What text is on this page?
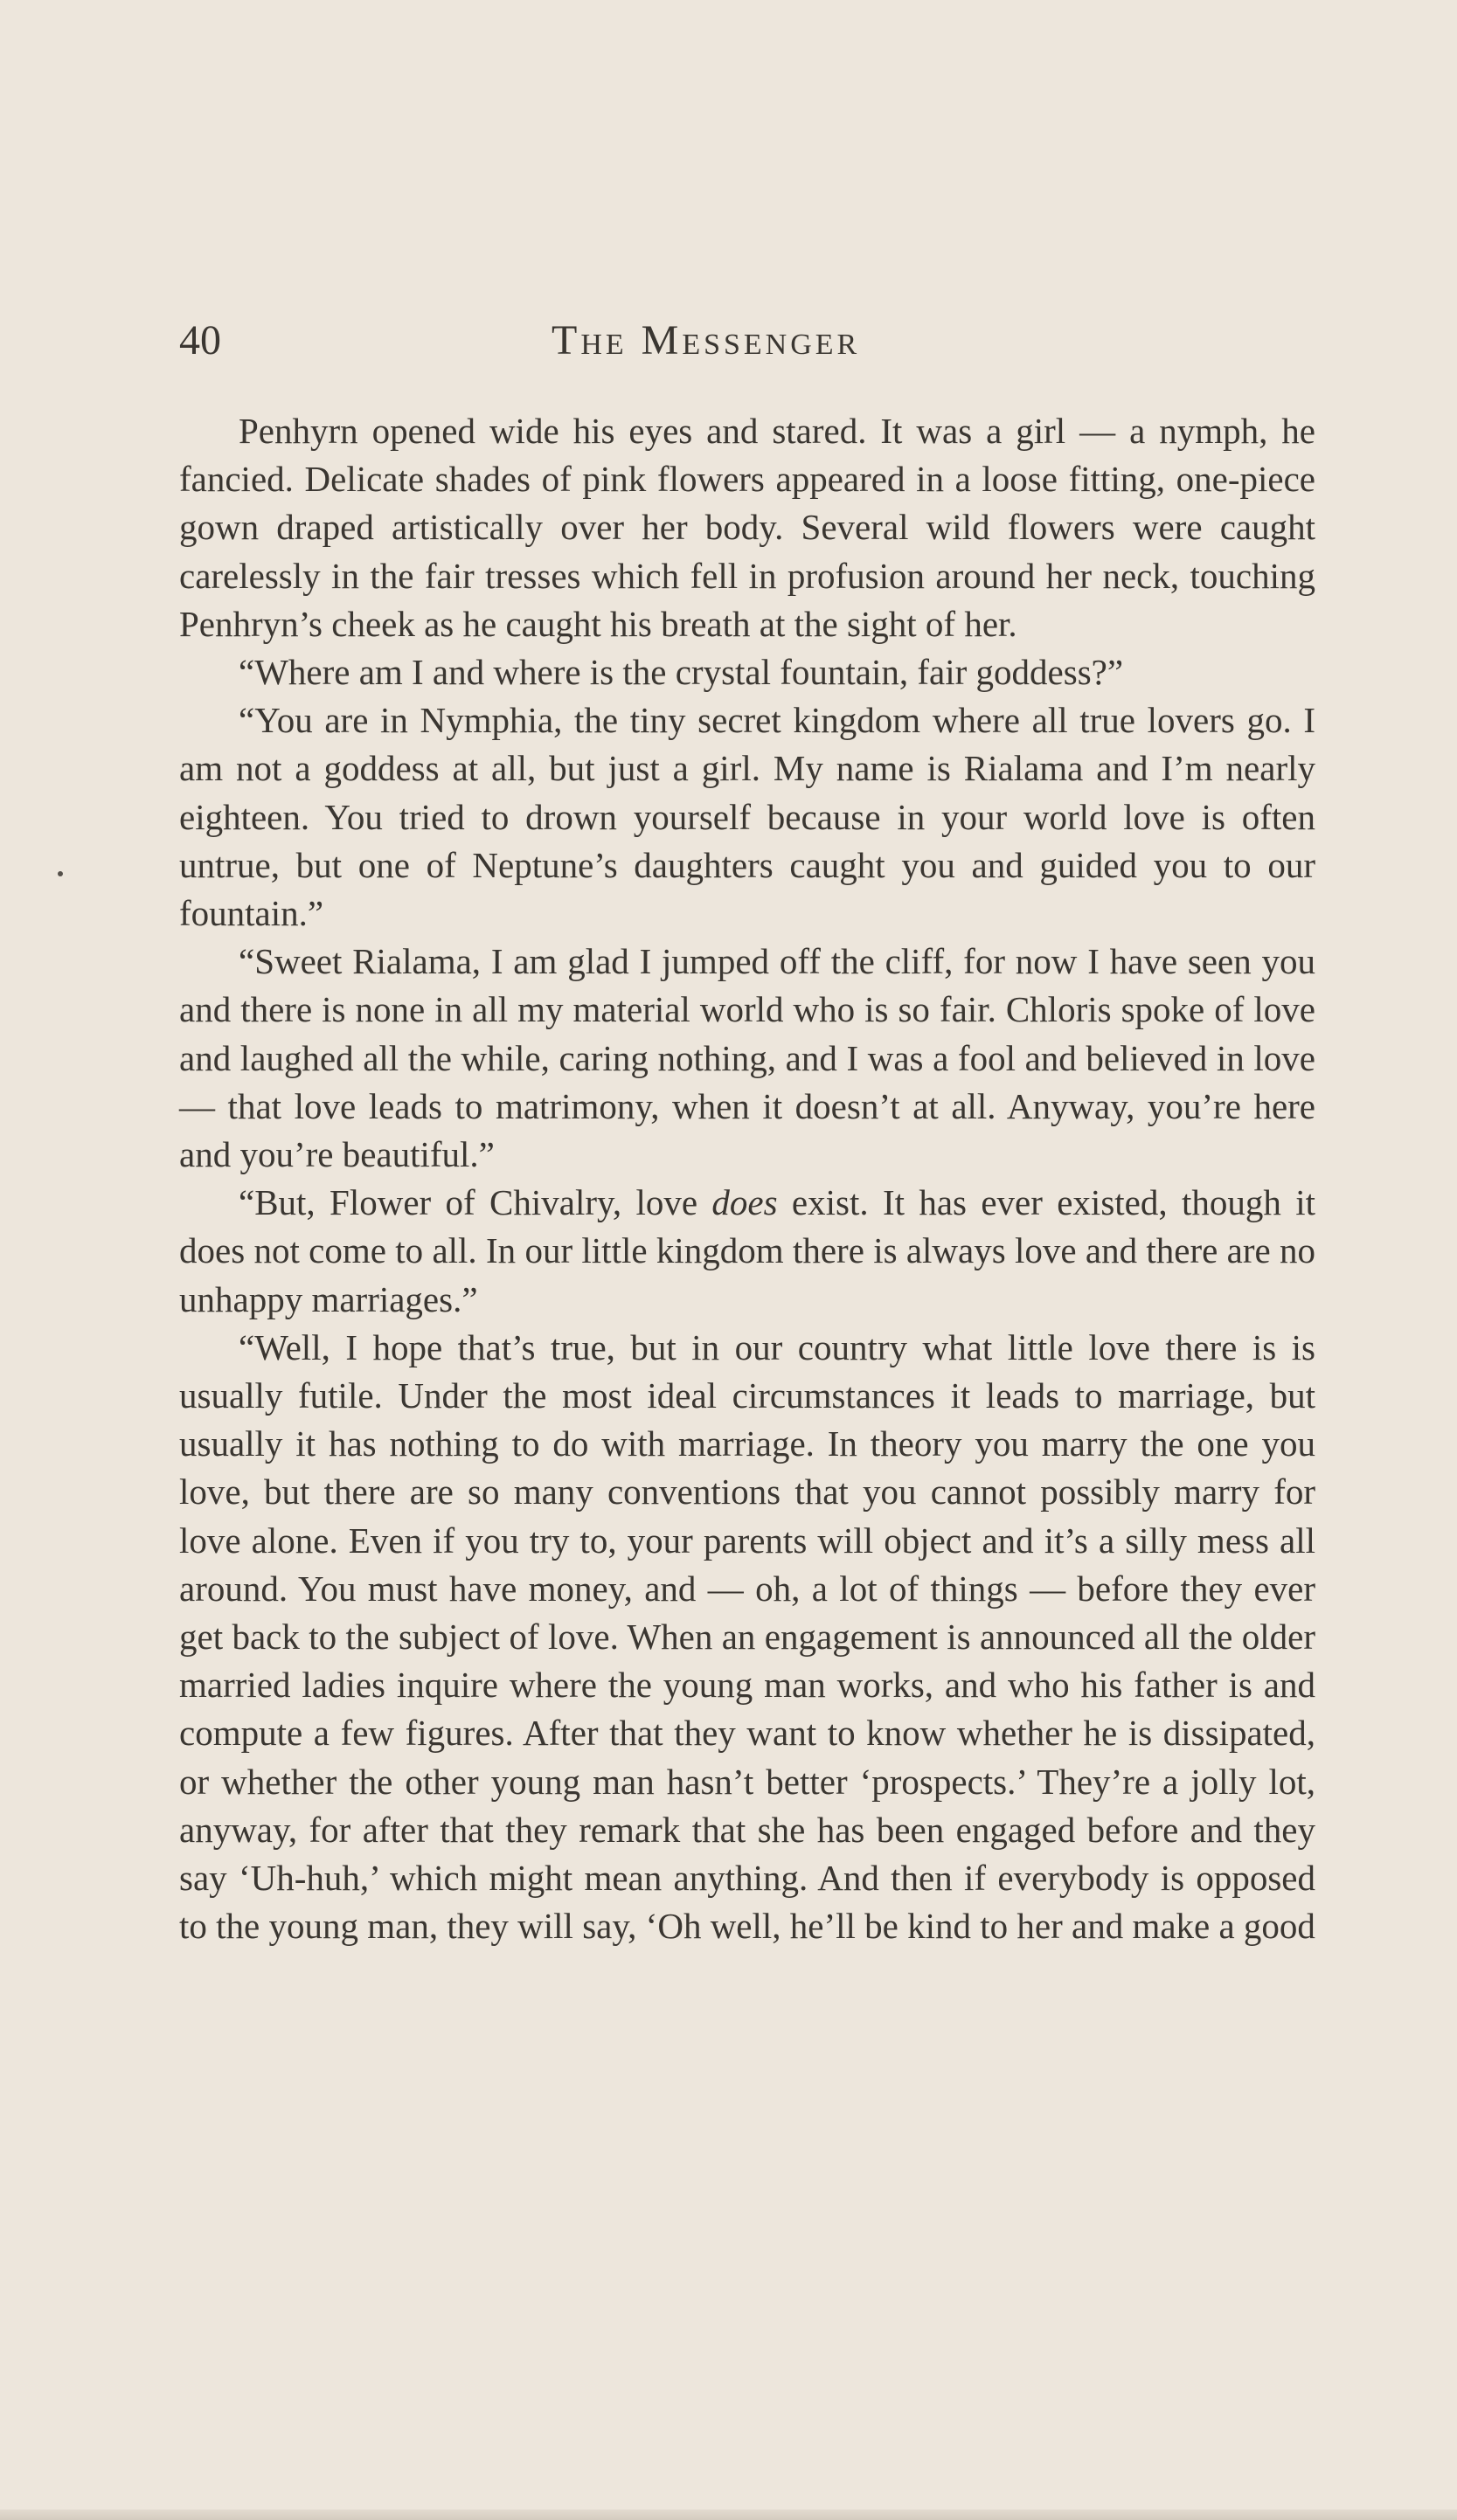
40	The Messenger

Penhyrn opened wide his eyes and stared. It was a girl — a nymph, he fancied. Delicate shades of pink flowers appeared in a loose fitting, one-piece gown draped artistically over her body. Several wild flowers were caught carelessly in the fair tresses which fell in profusion around her neck, touching Penhryn’s cheek as he caught his breath at the sight of her.

“Where am I and where is the crystal fountain, fair goddess?”

“You are in Nymphia, the tiny secret kingdom where all true lovers go. I am not a goddess at all, but just a girl. My name is Rialama and I’m nearly eighteen. You tried to drown yourself because in your world love is often untrue, but one of Neptune’s daughters caught you and guided you to our fountain.”

“Sweet Rialama, I am glad I jumped off the cliff, for now I have seen you and there is none in all my material world who is so fair. Chloris spoke of love and laughed all the while, caring nothing, and I was a fool and believed in love — that love leads to matrimony, when it doesn’t at all. Anyway, you’re here and you’re beautiful.”

“But, Flower of Chivalry, love does exist. It has ever existed, though it does not come to all. In our little kingdom there is always love and there are no unhappy marriages.”

“Well, I hope that’s true, but in our country what little love there is is usually futile. Under the most ideal circumstances it leads to marriage, but usually it has nothing to do with marriage. In theory you marry the one you love, but there are so many conventions that you cannot possibly marry for love alone. Even if you try to, your parents will object and it’s a silly mess all around. You must have money, and — oh, a lot of things — before they ever get back to the subject of love. When an engagement is announced all the older married ladies inquire where the young man works, and who his father is and compute a few figures. After that they want to know whether he is dissipated, or whether the other young man hasn’t better ‘prospects.’ They’re a jolly lot, anyway, for after that they remark that she has been engaged before and they say ‘Uh-huh,’ which might mean anything. And then if everybody is opposed to the young man, they will say, ‘Oh well, he’ll be kind to her and make a good
